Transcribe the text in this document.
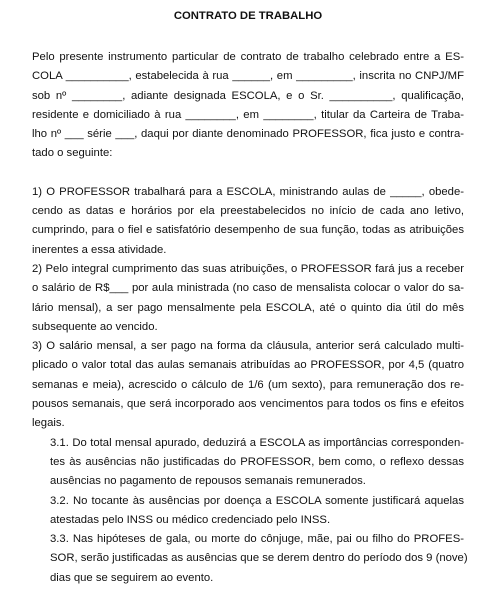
CONTRATO DE TRABALHO
Pelo presente instrumento particular de contrato de trabalho celebrado entre a ES-
COLA __________, estabelecida à rua ______, em _________, inscrita no CNPJ/MF
sob nº ________, adiante designada ESCOLA, e o Sr. __________, qualificação,
residente e domiciliado à rua ________, em ________, titular da Carteira de Traba-
lho nº ___ série ___, daqui por diante denominado PROFESSOR, fica justo e contra-
tado o seguinte:
1) O PROFESSOR trabalhará para a ESCOLA, ministrando aulas de _____, obede-
cendo as datas e horários por ela preestabelecidos no início de cada ano letivo,
cumprindo, para o fiel e satisfatório desempenho de sua função, todas as atribuições
inerentes a essa atividade.
2) Pelo integral cumprimento das suas atribuições, o PROFESSOR fará jus a receber
o salário de R$___ por aula ministrada (no caso de mensalista colocar o valor do sa-
lário mensal), a ser pago mensalmente pela ESCOLA, até o quinto dia útil do mês
subsequente ao vencido.
3) O salário mensal, a ser pago na forma da cláusula, anterior será calculado multi-
plicado o valor total das aulas semanais atribuídas ao PROFESSOR, por 4,5 (quatro
semanas e meia), acrescido o cálculo de 1/6 (um sexto), para remuneração dos re-
pousos semanais, que será incorporado aos vencimentos para todos os fins e efeitos
legais.
3.1. Do total mensal apurado, deduzirá a ESCOLA as importâncias corresponden-
tes às ausências não justificadas do PROFESSOR, bem como, o reflexo dessas
ausências no pagamento de repousos semanais remunerados.
3.2. No tocante às ausências por doença a ESCOLA somente justificará aquelas
atestadas pelo INSS ou médico credenciado pelo INSS.
3.3. Nas hipóteses de gala, ou morte do cônjuge, mãe, pai ou filho do PROFES-
SOR, serão justificadas as ausências que se derem dentro do período dos 9 (nove)
dias que se seguirem ao evento.
